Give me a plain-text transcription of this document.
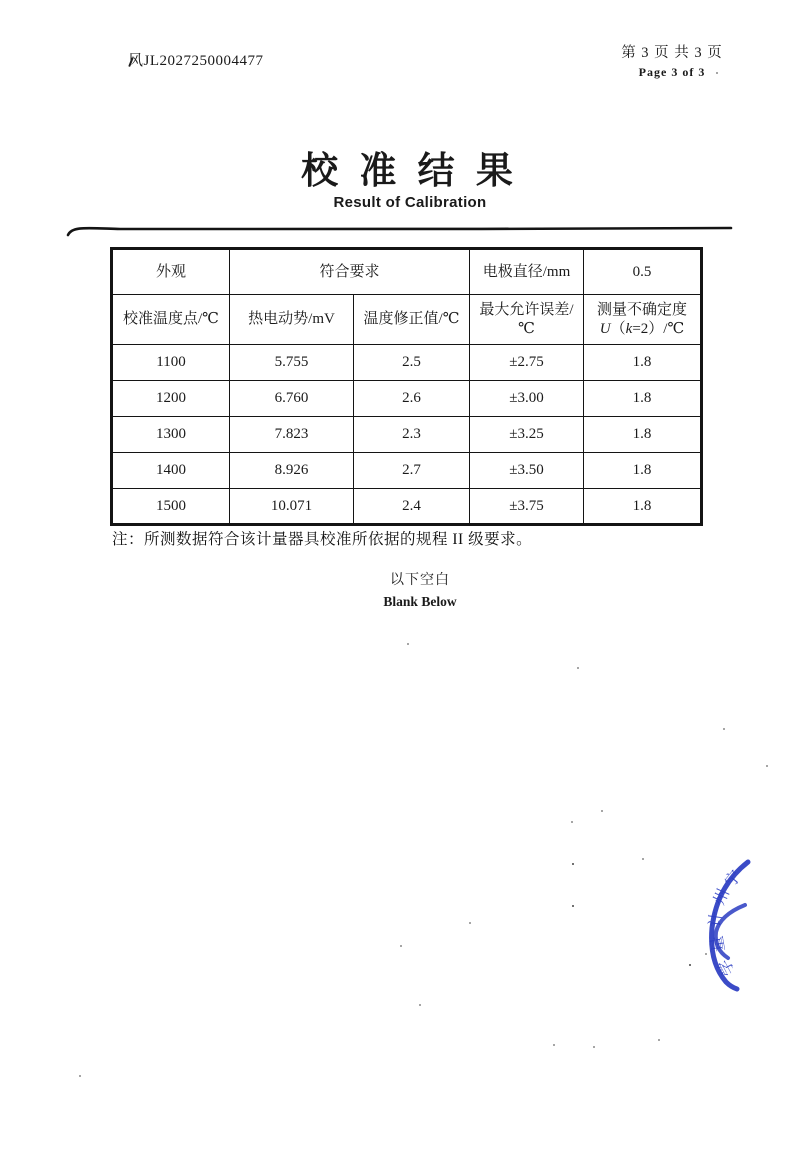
风JL2027250004477	第 3 页 共 3 页
Page 3 of 3
校 准 结 果
Result of Calibration
外观	符合要求		电极直径/mm	0.5
校准温度点/℃	热电动势/mV	温度修正值/℃	最大允许误差/℃	测量不确定度
U（k=2）/℃
1100	5.755	2.5	±2.75	1.8
1200	6.760	2.6	±3.00	1.8
1300	7.823	2.3	±3.25	1.8
1400	8.926	2.7	±3.50	1.8
1500	10.071	2.4	±3.75	1.8
注：所测数据符合该计量器具校准所依据的规程 II 级要求。
以下空白
Blank Below
宁
州
计
量
学
